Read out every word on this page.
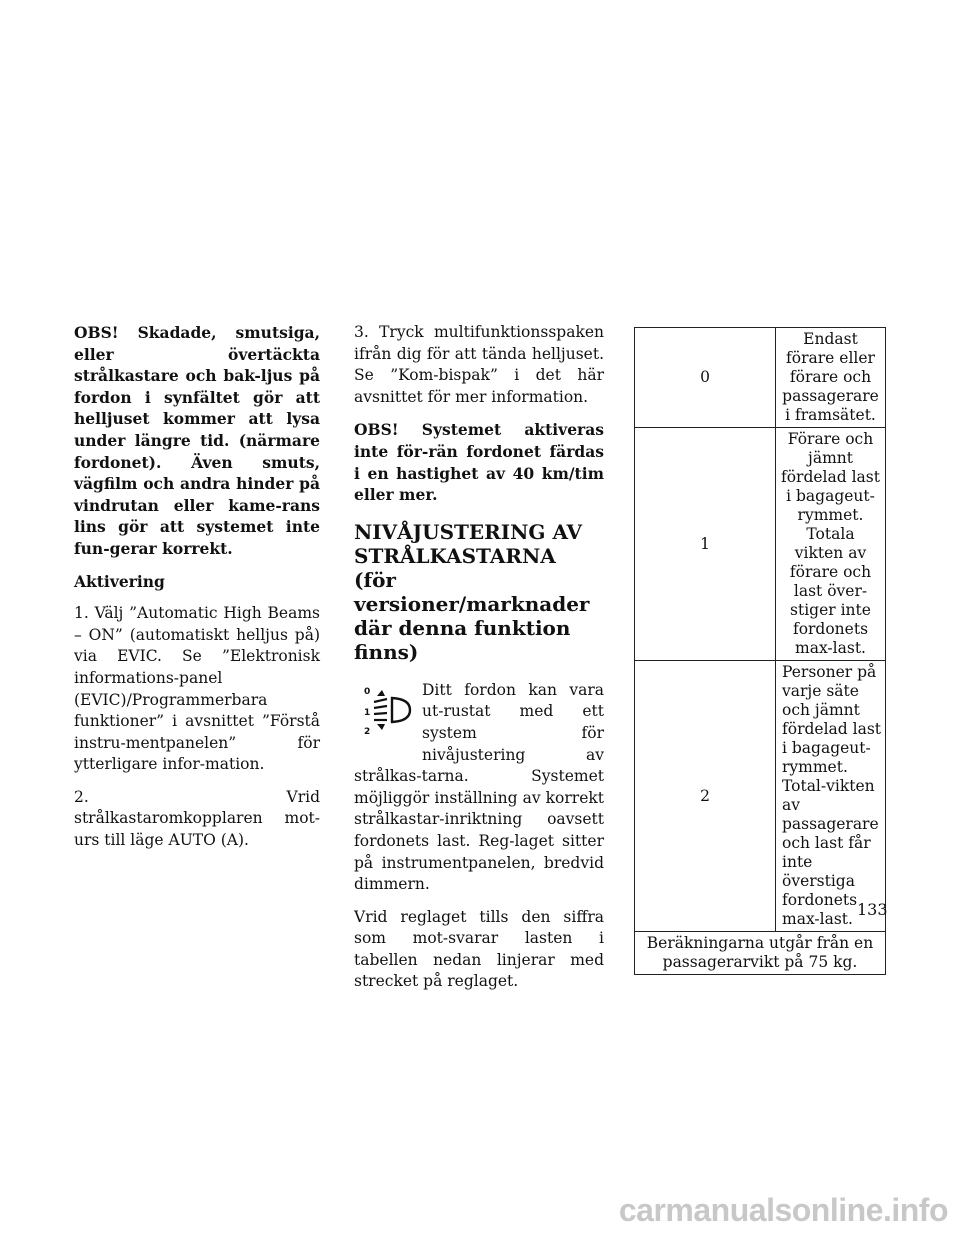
OBS! Skadade, smutsiga, eller övertäckta strålkastare och bak-ljus på fordon i synfältet gör att helljuset kommer att lysa under längre tid. (närmare fordonet). Även smuts, vägfilm och andra hinder på vindrutan eller kame-rans lins gör att systemet inte fun-gerar korrekt.

Aktivering

1. Välj ”Automatic High Beams – ON” (automatiskt helljus på) via EVIC. Se ”Elektronisk informations-panel (EVIC)/Programmerbara funktioner” i avsnittet ”Förstå instru-mentpanelen” för ytterligare infor-mation.

2. Vrid strålkastaromkopplaren mot-urs till läge AUTO (A).

3. Tryck multifunktionsspaken ifrån dig för att tända helljuset. Se ”Kom-bispak” i det här avsnittet för mer information.

OBS! Systemet aktiveras inte för-rän fordonet färdas i en hastighet av 40 km/tim eller mer.

NIVÅJUSTERING AV STRÅLKASTARNA (för versioner/marknader där denna funktion finns)

0
1
2
Ditt fordon kan vara ut-rustat med ett system för nivåjustering av strålkas-tarna. Systemet möjliggör inställning av korrekt strålkastar-inriktning oavsett fordonets last. Reg-laget sitter på instrumentpanelen, bredvid dimmern.

Vrid reglaget tills den siffra som mot-svarar lasten i tabellen nedan linjerar med strecket på reglaget.

0	Endast förare eller förare och passagerare i framsätet.
1	Förare och jämnt fördelad last i bagageut-rymmet. Totala vikten av förare och last över-stiger inte fordonets max-last.
2	Personer på varje säte och jämnt fördelad last i bagageut-rymmet. Total-vikten av passagerare och last får inte överstiga fordonets max-last.
Beräkningarna utgår från en passagerarvikt på 75 kg.	
133
carmanualsonline.info
